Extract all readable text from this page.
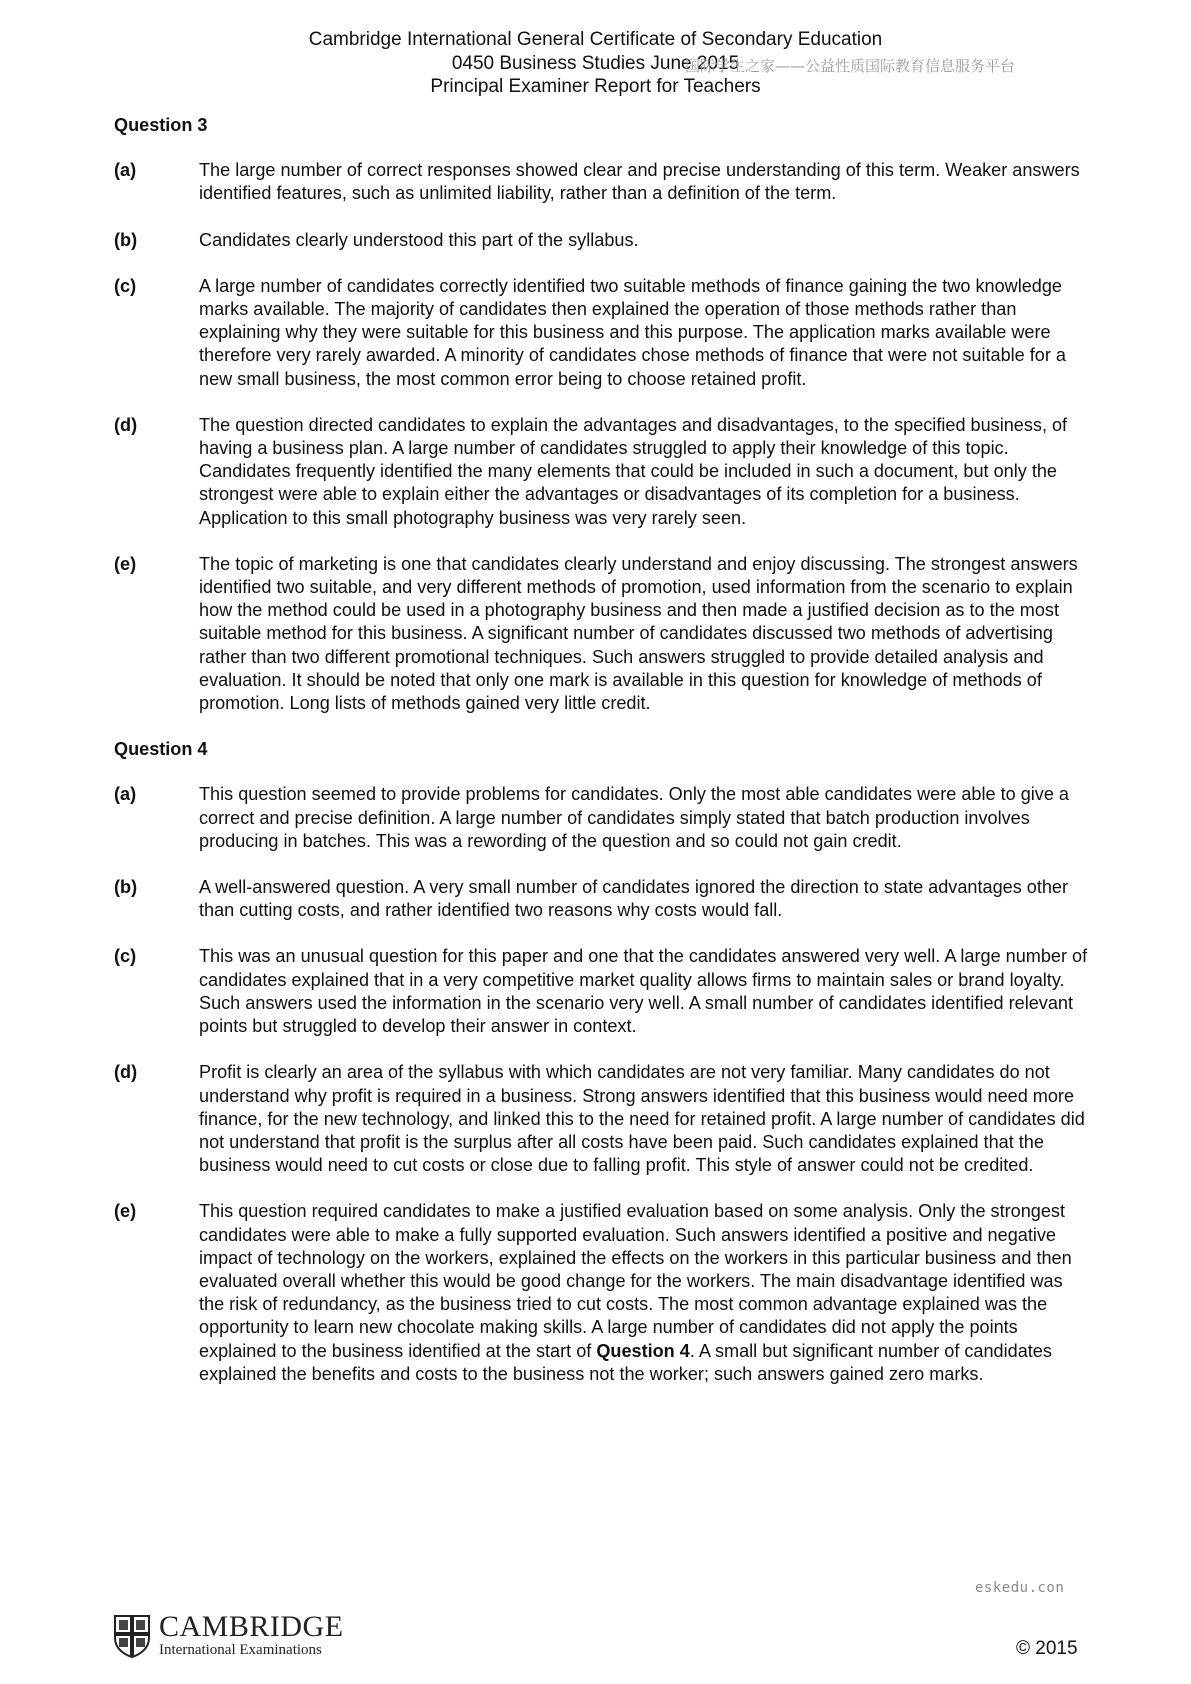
Cambridge International General Certificate of Secondary Education
0450 Business Studies June 2015
Principal Examiner Report for Teachers
国际学生之家——公益性质国际教育信息服务平台
Question 3
(a)	The large number of correct responses showed clear and precise understanding of this term. Weaker answers identified features, such as unlimited liability, rather than a definition of the term.
(b)	Candidates clearly understood this part of the syllabus.
(c)	A large number of candidates correctly identified two suitable methods of finance gaining the two knowledge marks available. The majority of candidates then explained the operation of those methods rather than explaining why they were suitable for this business and this purpose. The application marks available were therefore very rarely awarded. A minority of candidates chose methods of finance that were not suitable for a new small business, the most common error being to choose retained profit.
(d)	The question directed candidates to explain the advantages and disadvantages, to the specified business, of having a business plan. A large number of candidates struggled to apply their knowledge of this topic. Candidates frequently identified the many elements that could be included in such a document, but only the strongest were able to explain either the advantages or disadvantages of its completion for a business. Application to this small photography business was very rarely seen.
(e)	The topic of marketing is one that candidates clearly understand and enjoy discussing. The strongest answers identified two suitable, and very different methods of promotion, used information from the scenario to explain how the method could be used in a photography business and then made a justified decision as to the most suitable method for this business. A significant number of candidates discussed two methods of advertising rather than two different promotional techniques. Such answers struggled to provide detailed analysis and evaluation. It should be noted that only one mark is available in this question for knowledge of methods of promotion. Long lists of methods gained very little credit.
Question 4
(a)	This question seemed to provide problems for candidates. Only the most able candidates were able to give a correct and precise definition. A large number of candidates simply stated that batch production involves producing in batches. This was a rewording of the question and so could not gain credit.
(b)	A well-answered question. A very small number of candidates ignored the direction to state advantages other than cutting costs, and rather identified two reasons why costs would fall.
(c)	This was an unusual question for this paper and one that the candidates answered very well. A large number of candidates explained that in a very competitive market quality allows firms to maintain sales or brand loyalty. Such answers used the information in the scenario very well. A small number of candidates identified relevant points but struggled to develop their answer in context.
(d)	Profit is clearly an area of the syllabus with which candidates are not very familiar. Many candidates do not understand why profit is required in a business. Strong answers identified that this business would need more finance, for the new technology, and linked this to the need for retained profit. A large number of candidates did not understand that profit is the surplus after all costs have been paid. Such candidates explained that the business would need to cut costs or close due to falling profit. This style of answer could not be credited.
(e)	This question required candidates to make a justified evaluation based on some analysis. Only the strongest candidates were able to make a fully supported evaluation. Such answers identified a positive and negative impact of technology on the workers, explained the effects on the workers in this particular business and then evaluated overall whether this would be good change for the workers. The main disadvantage identified was the risk of redundancy, as the business tried to cut costs. The most common advantage explained was the opportunity to learn new chocolate making skills. A large number of candidates did not apply the points explained to the business identified at the start of Question 4. A small but significant number of candidates explained the benefits and costs to the business not the worker; such answers gained zero marks.
eskedu.con
CAMBRIDGE
International Examinations	© 2015
